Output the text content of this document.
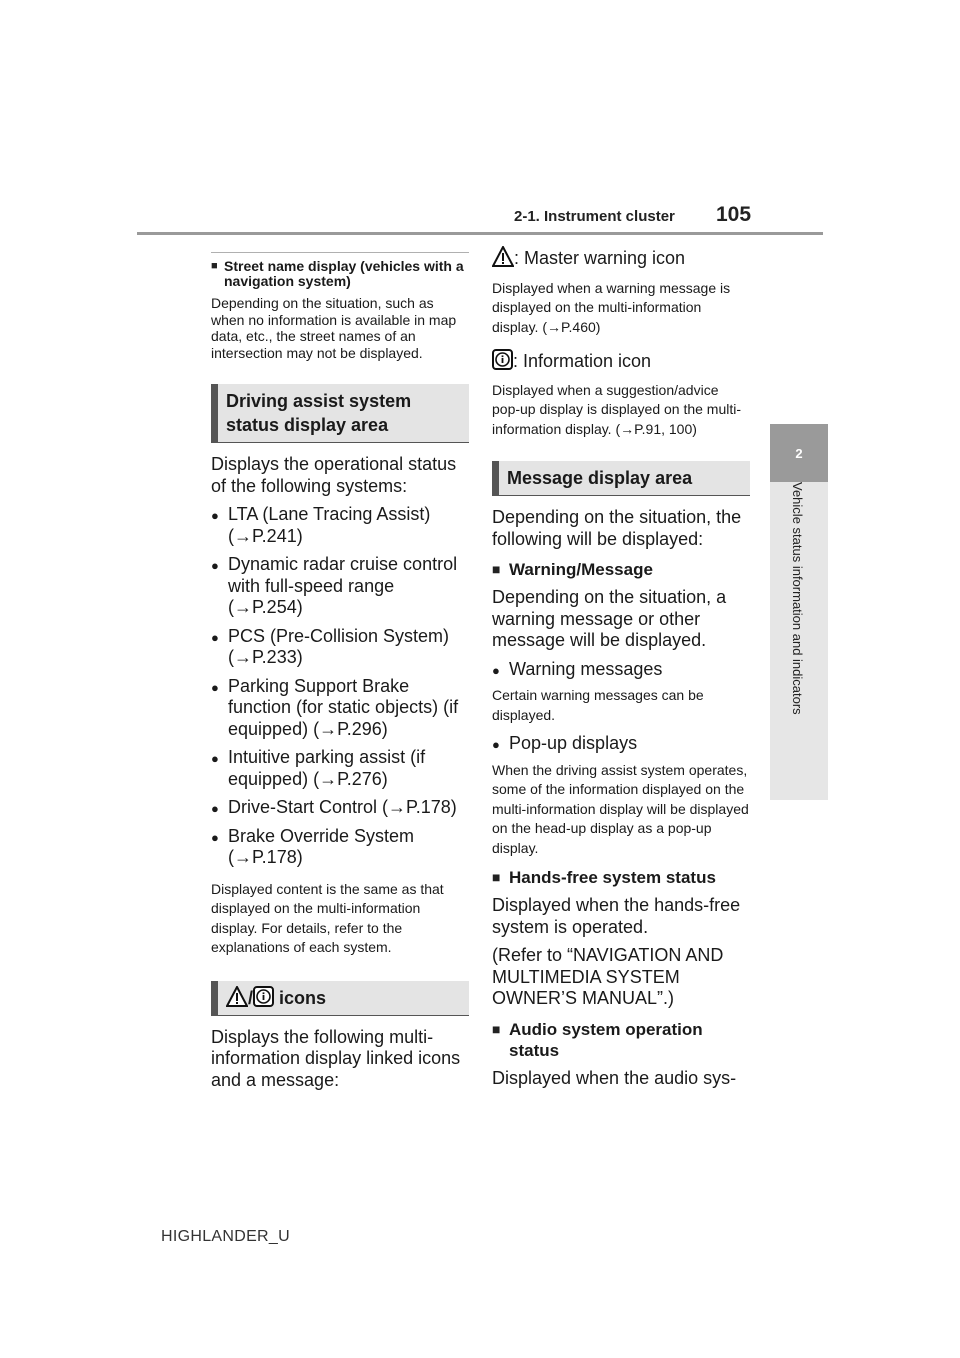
2-1. Instrument cluster 105
2
Vehicle status information and indicators
■ Street name display (vehicles with a navigation system)
Depending on the situation, such as when no information is available in map data, etc., the street names of an intersection may not be displayed.
Driving assist system status display area
Displays the operational status of the following systems:
● LTA (Lane Tracing Assist) (→P.241)
● Dynamic radar cruise control with full-speed range (→P.254)
● PCS (Pre-Collision System) (→P.233)
● Parking Support Brake function (for static objects) (if equipped) (→P.296)
● Intuitive parking assist (if equipped) (→P.276)
● Drive-Start Control (→P.178)
● Brake Override System (→P.178)
Displayed content is the same as that displayed on the multi-information display. For details, refer to the explanations of each system.
/ icons
Displays the following multi-information display linked icons and a message:
: Master warning icon
Displayed when a warning message is displayed on the multi-information display. (→P.460)
: Information icon
Displayed when a suggestion/advice pop-up display is displayed on the multi-information display. (→P.91, 100)
Message display area
Depending on the situation, the following will be displayed:
■ Warning/Message
Depending on the situation, a warning message or other message will be displayed.
● Warning messages
Certain warning messages can be displayed.
● Pop-up displays
When the driving assist system operates, some of the information displayed on the multi-information display will be displayed on the head-up display as a pop-up display.
■ Hands-free system status
Displayed when the hands-free system is operated.
(Refer to “NAVIGATION AND MULTIMEDIA SYSTEM OWNER’S MANUAL”.)
■ Audio system operation status
Displayed when the audio sys-
HIGHLANDER_U
